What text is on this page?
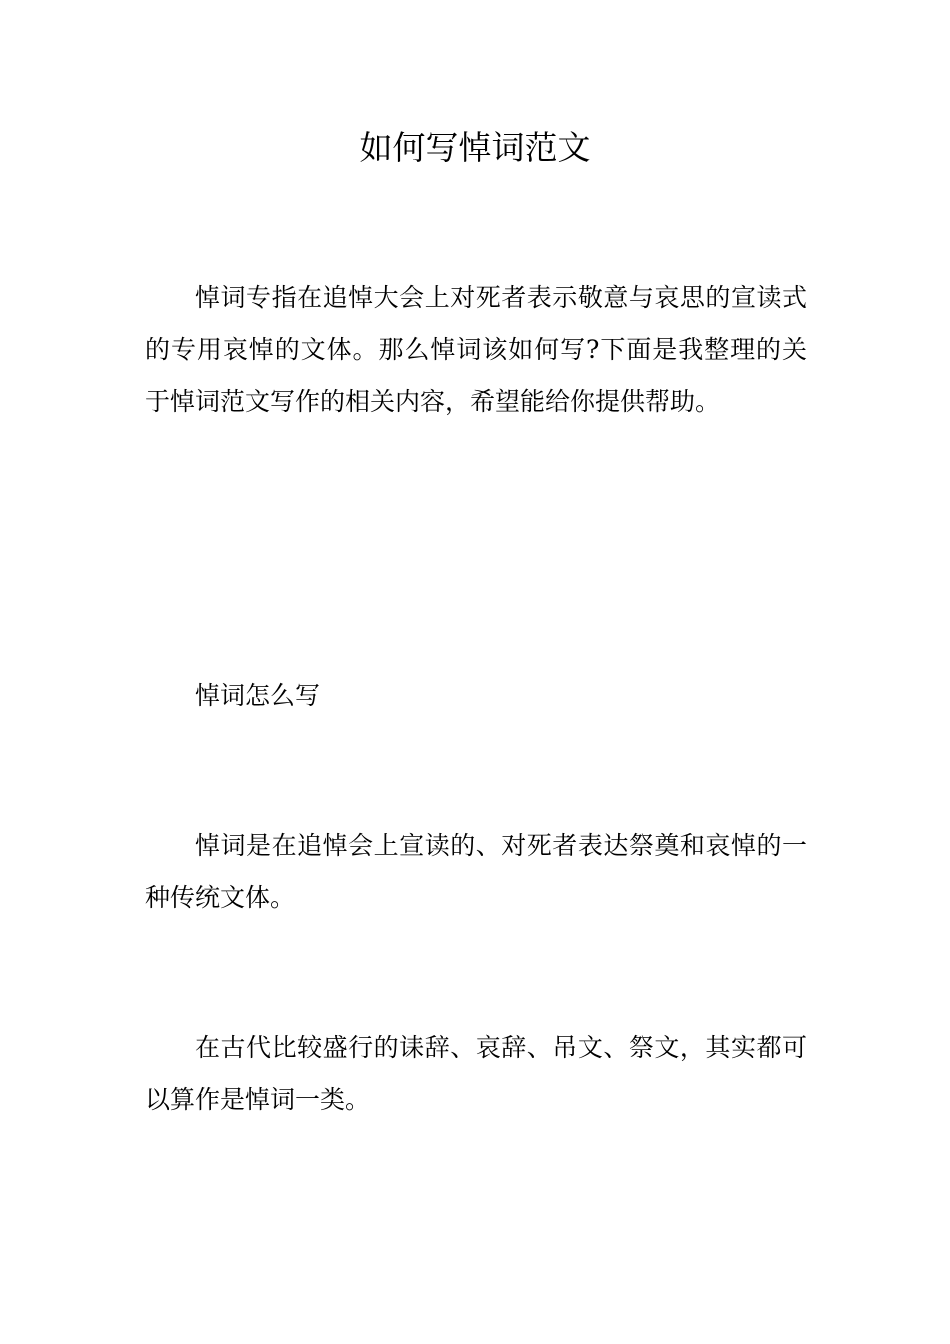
如何写悼词范文

悼词专指在追悼大会上对死者表示敬意与哀思的宣读式的专用哀悼的文体。那么悼词该如何写?下面是我整理的关于悼词范文写作的相关内容，希望能给你提供帮助。

悼词怎么写

悼词是在追悼会上宣读的、对死者表达祭奠和哀悼的一种传统文体。

在古代比较盛行的诔辞、哀辞、吊文、祭文，其实都可以算作是悼词一类。
